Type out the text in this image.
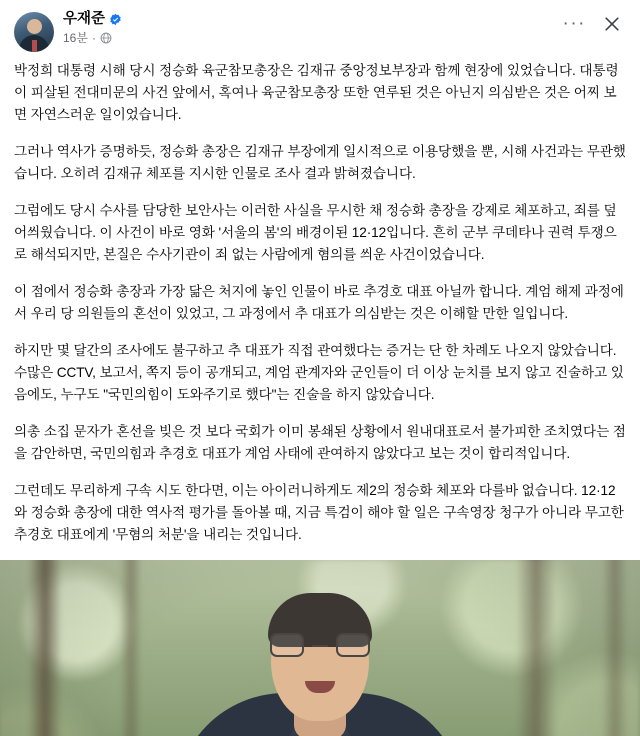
우재준
16분 ·
···

박정희 대통령 시해 당시 정승화 육군참모총장은 김재규 중앙정보부장과 함께 현장에 있었습니다. 대통령이 피살된 전대미문의 사건 앞에서, 혹여나 육군참모총장 또한 연루된 것은 아닌지 의심받은 것은 어찌 보면 자연스러운 일이었습니다.

그러나 역사가 증명하듯, 정승화 총장은 김재규 부장에게 일시적으로 이용당했을 뿐, 시해 사건과는 무관했습니다. 오히려 김재규 체포를 지시한 인물로 조사 결과 밝혀졌습니다.

그럼에도 당시 수사를 담당한 보안사는 이러한 사실을 무시한 채 정승화 총장을 강제로 체포하고, 죄를 덮어씌웠습니다. 이 사건이 바로 영화 '서울의 봄'의 배경이된 12·12입니다. 흔히 군부 쿠데타나 권력 투쟁으로 해석되지만, 본질은 수사기관이 죄 없는 사람에게 혐의를 씌운 사건이었습니다.

이 점에서 정승화 총장과 가장 닮은 처지에 놓인 인물이 바로 추경호 대표 아닐까 합니다. 계엄 해제 과정에서 우리 당 의원들의 혼선이 있었고, 그 과정에서 추 대표가 의심받는 것은 이해할 만한 일입니다.

하지만 몇 달간의 조사에도 불구하고 추 대표가 직접 관여했다는 증거는 단 한 차례도 나오지 않았습니다. 수많은 CCTV, 보고서, 쪽지 등이 공개되고, 계엄 관계자와 군인들이 더 이상 눈치를 보지 않고 진술하고 있음에도, 누구도 "국민의힘이 도와주기로 했다"는 진술을 하지 않았습니다.

의총 소집 문자가 혼선을 빚은 것 보다 국회가 이미 봉쇄된 상황에서 원내대표로서 불가피한 조치였다는 점을 감안하면, 국민의힘과 추경호 대표가 계엄 사태에 관여하지 않았다고 보는 것이 합리적입니다.

그런데도 무리하게 구속 시도 한다면, 이는 아이러니하게도 제2의 정승화 체포와 다를바 없습니다. 12·12와 정승화 총장에 대한 역사적 평가를 돌아볼 때, 지금 특검이 해야 할 일은 구속영장 청구가 아니라 무고한 추경호 대표에게 '무혐의 처분'을 내리는 것입니다.
